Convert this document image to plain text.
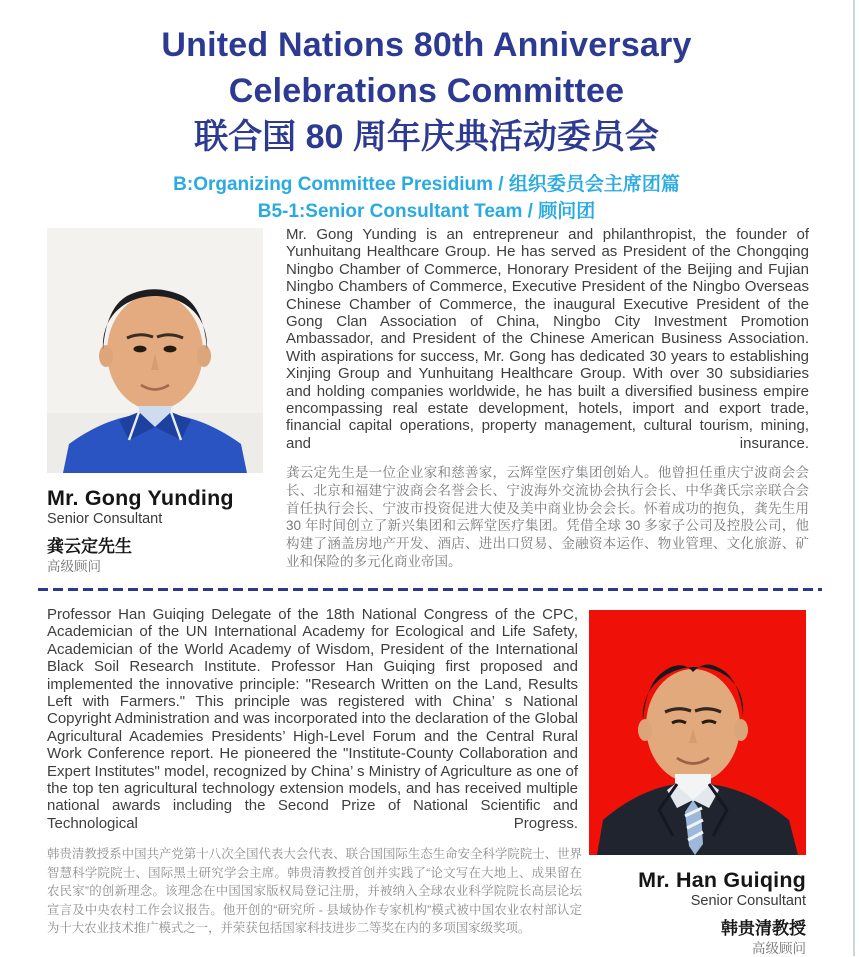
United Nations 80th Anniversary
Celebrations Committee
联合国 80 周年庆典活动委员会
B:Organizing Committee Presidium / 组织委员会主席团篇
B5-1:Senior Consultant Team / 顾问团

Mr. Gong Yunding is an entrepreneur and philanthropist, the founder of Yunhuitang Healthcare Group. He has served as President of the Chongqing Ningbo Chamber of Commerce, Honorary President of the Beijing and Fujian Ningbo Chambers of Commerce, Executive President of the Ningbo Overseas Chinese Chamber of Commerce, the inaugural Executive President of the Gong Clan Association of China, Ningbo City Investment Promotion Ambassador, and President of the Chinese American Business Association. With aspirations for success, Mr. Gong has dedicated 30 years to establishing Xinjing Group and Yunhuitang Healthcare Group. With over 30 subsidiaries and holding companies worldwide, he has built a diversified business empire encompassing real estate development, hotels, import and export trade, financial capital operations, property management, cultural tourism, mining, and insurance.

龚云定先生是一位企业家和慈善家，云辉堂医疗集团创始人。他曾担任重庆宁波商会会长、北京和福建宁波商会名誉会长、宁波海外交流协会执行会长、中华龚氏宗亲联合会首任执行会长、宁波市投资促进大使及美中商业协会会长。怀着成功的抱负，龚先生用 30 年时间创立了新兴集团和云辉堂医疗集团。凭借全球 30 多家子公司及控股公司，他构建了涵盖房地产开发、酒店、进出口贸易、金融资本运作、物业管理、文化旅游、矿业和保险的多元化商业帝国。

Mr. Gong Yunding
Senior Consultant
龚云定先生
高级顾问

Professor Han Guiqing Delegate of the 18th National Congress of the CPC, Academician of the UN International Academy for Ecological and Life Safety, Academician of the World Academy of Wisdom, President of the International Black Soil Research Institute. Professor Han Guiqing first proposed and implemented the innovative principle: "Research Written on the Land, Results Left with Farmers." This principle was registered with China’ s National Copyright Administration and was incorporated into the declaration of the Global Agricultural Academies Presidents’ High-Level Forum and the Central Rural Work Conference report. He pioneered the "Institute-County Collaboration and Expert Institutes" model, recognized by China’ s Ministry of Agriculture as one of the top ten agricultural technology extension models, and has received multiple national awards including the Second Prize of National Scientific and Technological Progress.

韩贵清教授系中国共产党第十八次全国代表大会代表、联合国国际生态生命安全科学院院士、世界智慧科学院院士、国际黑土研究学会主席。韩贵清教授首创并实践了“论文写在大地上、成果留在农民家”的创新理念。该理念在中国国家版权局登记注册，并被纳入全球农业科学院院长高层论坛宣言及中央农村工作会议报告。他开创的“研究所 - 县域协作专家机构”模式被中国农业农村部认定为十大农业技术推广模式之一，并荣获包括国家科技进步二等奖在内的多项国家级奖项。

Mr. Han Guiqing
Senior Consultant
韩贵清教授
高级顾问
